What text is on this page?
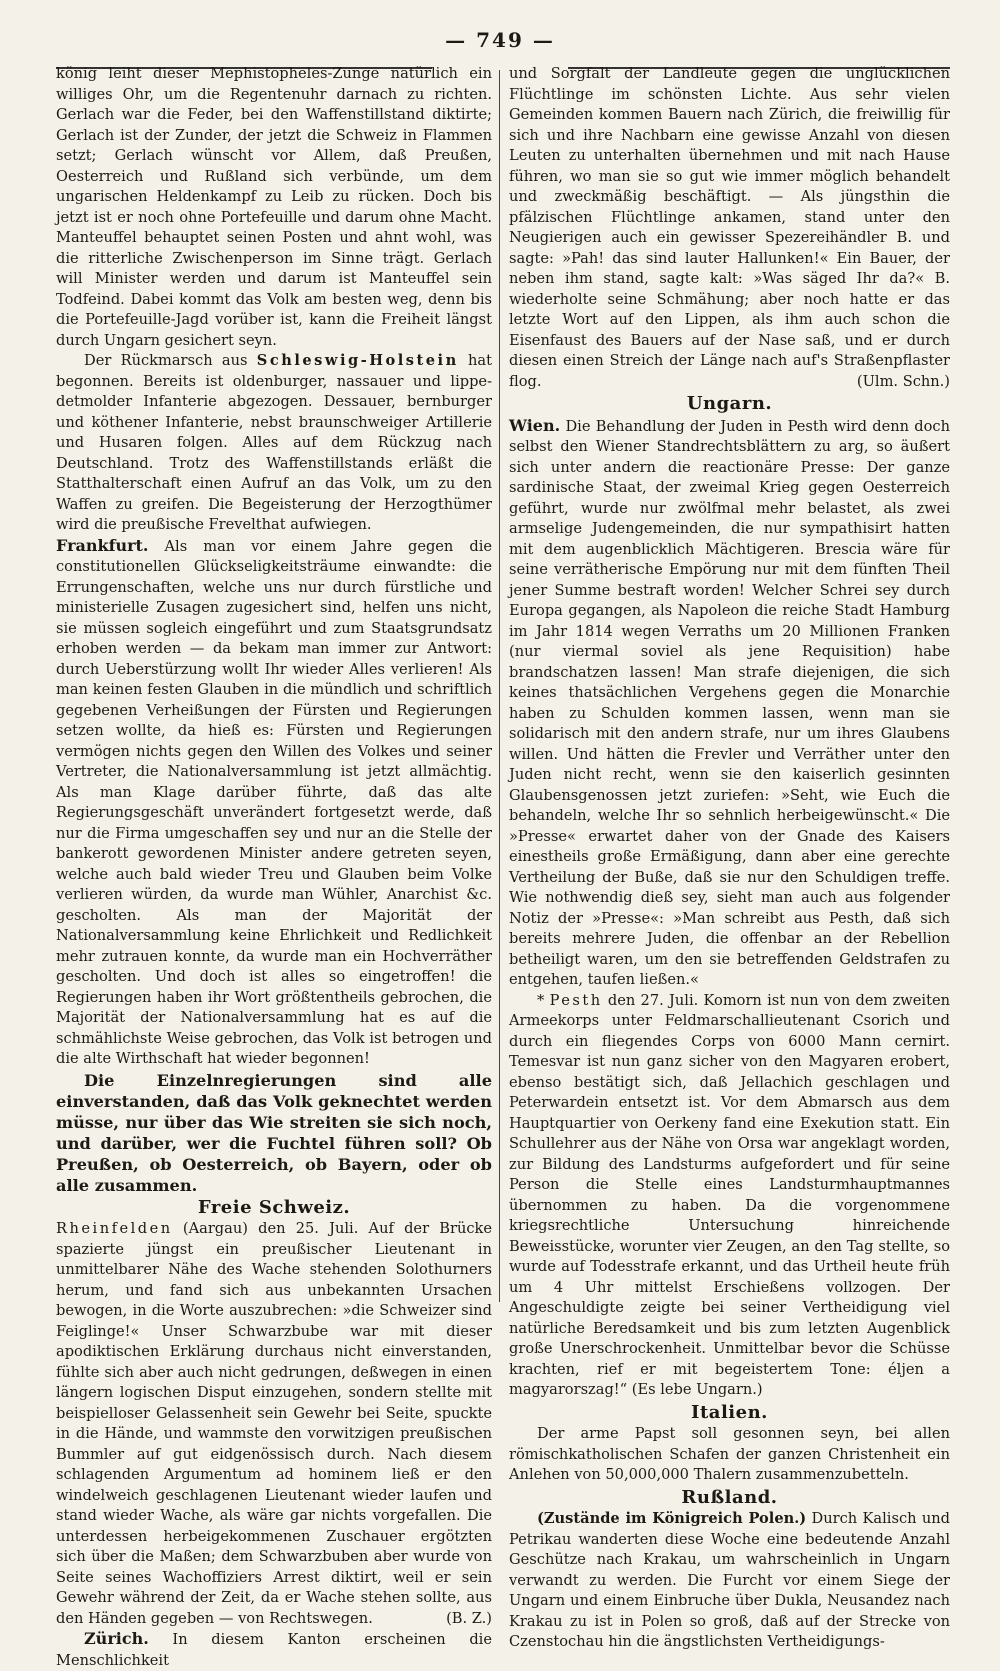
— 749 —

könig leiht dieser Mephistopheles-Zunge natürlich ein williges Ohr, um die Regentenuhr darnach zu richten. Gerlach war die Feder, bei den Waffenstillstand diktirte; Gerlach ist der Zunder, der jetzt die Schweiz in Flammen setzt; Gerlach wünscht vor Allem, daß Preußen, Oesterreich und Rußland sich verbünde, um dem ungarischen Heldenkampf zu Leib zu rücken. Doch bis jetzt ist er noch ohne Portefeuille und darum ohne Macht. Manteuffel behauptet seinen Posten und ahnt wohl, was die ritterliche Zwischenperson im Sinne trägt. Gerlach will Minister werden und darum ist Manteuffel sein Todfeind. Dabei kommt das Volk am besten weg, denn bis die Portefeuille-Jagd vorüber ist, kann die Freiheit längst durch Ungarn gesichert seyn.

Der Rückmarsch aus Schleswig-Holstein hat begonnen. Bereits ist oldenburger, nassauer und lippe-detmolder Infanterie abgezogen. Dessauer, bernburger und köthener Infanterie, nebst braunschweiger Artillerie und Husaren folgen. Alles auf dem Rückzug nach Deutschland. Trotz des Waffenstillstands erläßt die Statthalterschaft einen Aufruf an das Volk, um zu den Waffen zu greifen. Die Begeisterung der Herzogthümer wird die preußische Frevelthat aufwiegen.

Frankfurt. Als man vor einem Jahre gegen die constitutionellen Glückseligkeitsträume einwandte: die Errungenschaften, welche uns nur durch fürstliche und ministerielle Zusagen zugesichert sind, helfen uns nicht, sie müssen sogleich eingeführt und zum Staatsgrundsatz erhoben werden — da bekam man immer zur Antwort: durch Ueberstürzung wollt Ihr wieder Alles verlieren! Als man keinen festen Glauben in die mündlich und schriftlich gegebenen Verheißungen der Fürsten und Regierungen setzen wollte, da hieß es: Fürsten und Regierungen vermögen nichts gegen den Willen des Volkes und seiner Vertreter, die Nationalversammlung ist jetzt allmächtig. Als man Klage darüber führte, daß das alte Regierungsgeschäft unverändert fortgesetzt werde, daß nur die Firma umgeschaffen sey und nur an die Stelle der bankerott gewordenen Minister andere getreten seyen, welche auch bald wieder Treu und Glauben beim Volke verlieren würden, da wurde man Wühler, Anarchist &c. gescholten. Als man der Majorität der Nationalversammlung keine Ehrlichkeit und Redlichkeit mehr zutrauen konnte, da wurde man ein Hochverräther gescholten. Und doch ist alles so eingetroffen! die Regierungen haben ihr Wort größtentheils gebrochen, die Majorität der Nationalversammlung hat es auf die schmählichste Weise gebrochen, das Volk ist betrogen und die alte Wirthschaft hat wieder begonnen!

Die Einzelnregierungen sind alle einverstanden, daß das Volk geknechtet werden müsse, nur über das Wie streiten sie sich noch, und darüber, wer die Fuchtel führen soll? Ob Preußen, ob Oesterreich, ob Bayern, oder ob alle zusammen.

Freie Schweiz.

Rheinfelden (Aargau) den 25. Juli. Auf der Brücke spazierte jüngst ein preußischer Lieutenant in unmittelbarer Nähe des Wache stehenden Solothurners herum, und fand sich aus unbekannten Ursachen bewogen, in die Worte auszubrechen: »die Schweizer sind Feiglinge!« Unser Schwarzbube war mit dieser apodiktischen Erklärung durchaus nicht einverstanden, fühlte sich aber auch nicht gedrungen, deßwegen in einen längern logischen Disput einzugehen, sondern stellte mit beispielloser Gelassenheit sein Gewehr bei Seite, spuckte in die Hände, und wammste den vorwitzigen preußischen Bummler auf gut eidgenössisch durch. Nach diesem schlagenden Argumentum ad hominem ließ er den windelweich geschlagenen Lieutenant wieder laufen und stand wieder Wache, als wäre gar nichts vorgefallen. Die unterdessen herbeigekommenen Zuschauer ergötzten sich über die Maßen; dem Schwarzbuben aber wurde von Seite seines Wachoffiziers Arrest diktirt, weil er sein Gewehr während der Zeit, da er Wache stehen sollte, aus den Händen gegeben — von Rechtswegen.	(B. Z.)

Zürich. In diesem Kanton erscheinen die Menschlichkeit

und Sorgfalt der Landleute gegen die unglücklichen Flüchtlinge im schönsten Lichte. Aus sehr vielen Gemeinden kommen Bauern nach Zürich, die freiwillig für sich und ihre Nachbarn eine gewisse Anzahl von diesen Leuten zu unterhalten übernehmen und mit nach Hause führen, wo man sie so gut wie immer möglich behandelt und zweckmäßig beschäftigt. — Als jüngsthin die pfälzischen Flüchtlinge ankamen, stand unter den Neugierigen auch ein gewisser Spezereihändler B. und sagte: »Pah! das sind lauter Hallunken!« Ein Bauer, der neben ihm stand, sagte kalt: »Was säged Ihr da?« B. wiederholte seine Schmähung; aber noch hatte er das letzte Wort auf den Lippen, als ihm auch schon die Eisenfaust des Bauers auf der Nase saß, und er durch diesen einen Streich der Länge nach auf's Straßenpflaster flog.	(Ulm. Schn.)

Ungarn.

Wien. Die Behandlung der Juden in Pesth wird denn doch selbst den Wiener Standrechtsblättern zu arg, so äußert sich unter andern die reactionäre Presse: Der ganze sardinische Staat, der zweimal Krieg gegen Oesterreich geführt, wurde nur zwölfmal mehr belastet, als zwei armselige Judengemeinden, die nur sympathisirt hatten mit dem augenblicklich Mächtigeren. Brescia wäre für seine verrätherische Empörung nur mit dem fünften Theil jener Summe bestraft worden! Welcher Schrei sey durch Europa gegangen, als Napoleon die reiche Stadt Hamburg im Jahr 1814 wegen Verraths um 20 Millionen Franken (nur viermal soviel als jene Requisition) habe brandschatzen lassen! Man strafe diejenigen, die sich keines thatsächlichen Vergehens gegen die Monarchie haben zu Schulden kommen lassen, wenn man sie solidarisch mit den andern strafe, nur um ihres Glaubens willen. Und hätten die Frevler und Verräther unter den Juden nicht recht, wenn sie den kaiserlich gesinnten Glaubensgenossen jetzt zuriefen: »Seht, wie Euch die behandeln, welche Ihr so sehnlich herbeigewünscht.« Die »Presse« erwartet daher von der Gnade des Kaisers einestheils große Ermäßigung, dann aber eine gerechte Vertheilung der Buße, daß sie nur den Schuldigen treffe. Wie nothwendig dieß sey, sieht man auch aus folgender Notiz der »Presse«: »Man schreibt aus Pesth, daß sich bereits mehrere Juden, die offenbar an der Rebellion betheiligt waren, um den sie betreffenden Geldstrafen zu entgehen, taufen ließen.«

* Pesth den 27. Juli. Komorn ist nun von dem zweiten Armeekorps unter Feldmarschallieutenant Csorich und durch ein fliegendes Corps von 6000 Mann cernirt. Temesvar ist nun ganz sicher von den Magyaren erobert, ebenso bestätigt sich, daß Jellachich geschlagen und Peterwardein entsetzt ist. Vor dem Abmarsch aus dem Hauptquartier von Oerkeny fand eine Exekution statt. Ein Schullehrer aus der Nähe von Orsa war angeklagt worden, zur Bildung des Landsturms aufgefordert und für seine Person die Stelle eines Landsturmhauptmannes übernommen zu haben. Da die vorgenommene kriegsrechtliche Untersuchung hinreichende Beweisstücke, worunter vier Zeugen, an den Tag stellte, so wurde auf Todesstrafe erkannt, und das Urtheil heute früh um 4 Uhr mittelst Erschießens vollzogen. Der Angeschuldigte zeigte bei seiner Vertheidigung viel natürliche Beredsamkeit und bis zum letzten Augenblick große Unerschrockenheit. Unmittelbar bevor die Schüsse krachten, rief er mit begeistertem Tone: éljen a magyarorszag!“ (Es lebe Ungarn.)

Italien.

Der arme Papst soll gesonnen seyn, bei allen römischkatholischen Schafen der ganzen Christenheit ein Anlehen von 50,000,000 Thalern zusammenzubetteln.

Rußland.

(Zustände im Königreich Polen.) Durch Kalisch und Petrikau wanderten diese Woche eine bedeutende Anzahl Geschütze nach Krakau, um wahrscheinlich in Ungarn verwandt zu werden. Die Furcht vor einem Siege der Ungarn und einem Einbruche über Dukla, Neusandez nach Krakau zu ist in Polen so groß, daß auf der Strecke von Czenstochau hin die ängstlichsten Vertheidigungs-
